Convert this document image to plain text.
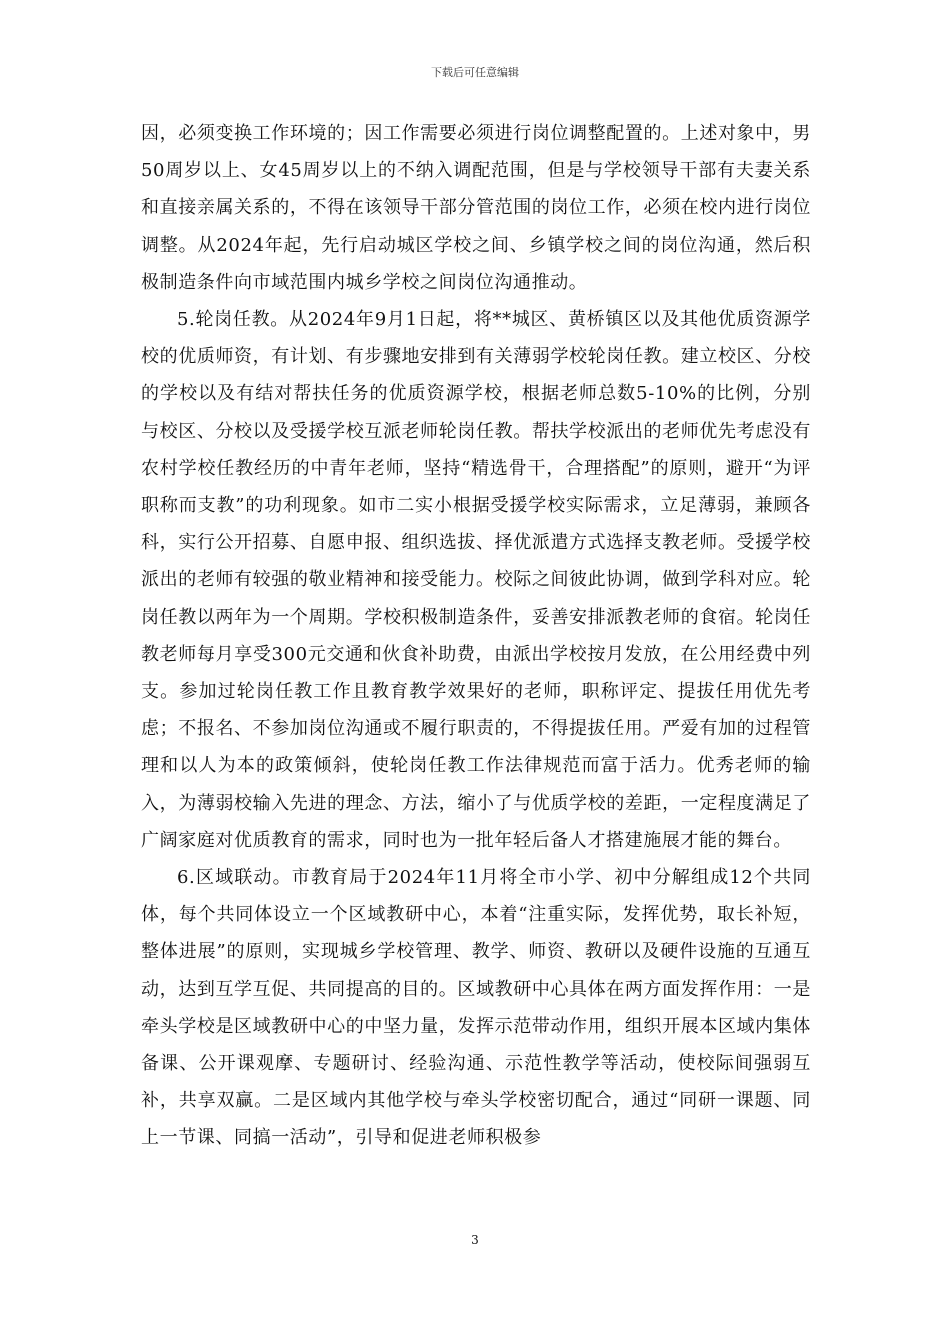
下载后可任意编辑

因，必须变换工作环境的；因工作需要必须进行岗位调整配置的。上述对象中，男50周岁以上、女45周岁以上的不纳入调配范围，但是与学校领导干部有夫妻关系和直接亲属关系的，不得在该领导干部分管范围的岗位工作，必须在校内进行岗位调整。从2024年起，先行启动城区学校之间、乡镇学校之间的岗位沟通，然后积极制造条件向市域范围内城乡学校之间岗位沟通推动。

5.轮岗任教。从2024年9月1日起，将**城区、黄桥镇区以及其他优质资源学校的优质师资，有计划、有步骤地安排到有关薄弱学校轮岗任教。建立校区、分校的学校以及有结对帮扶任务的优质资源学校，根据老师总数5-10%的比例，分别与校区、分校以及受援学校互派老师轮岗任教。帮扶学校派出的老师优先考虑没有农村学校任教经历的中青年老师，坚持“精选骨干，合理搭配”的原则，避开“为评职称而支教”的功利现象。如市二实小根据受援学校实际需求，立足薄弱，兼顾各科，实行公开招募、自愿申报、组织选拔、择优派遣方式选择支教老师。受援学校派出的老师有较强的敬业精神和接受能力。校际之间彼此协调，做到学科对应。轮岗任教以两年为一个周期。学校积极制造条件，妥善安排派教老师的食宿。轮岗任教老师每月享受300元交通和伙食补助费，由派出学校按月发放，在公用经费中列支。参加过轮岗任教工作且教育教学效果好的老师，职称评定、提拔任用优先考虑；不报名、不参加岗位沟通或不履行职责的，不得提拔任用。严爱有加的过程管理和以人为本的政策倾斜，使轮岗任教工作法律规范而富于活力。优秀老师的输入，为薄弱校输入先进的理念、方法，缩小了与优质学校的差距，一定程度满足了广阔家庭对优质教育的需求，同时也为一批年轻后备人才搭建施展才能的舞台。

6.区域联动。市教育局于2024年11月将全市小学、初中分解组成12个共同体，每个共同体设立一个区域教研中心，本着“注重实际，发挥优势，取长补短，整体进展”的原则，实现城乡学校管理、教学、师资、教研以及硬件设施的互通互动，达到互学互促、共同提高的目的。区域教研中心具体在两方面发挥作用：一是牵头学校是区域教研中心的中坚力量，发挥示范带动作用，组织开展本区域内集体备课、公开课观摩、专题研讨、经验沟通、示范性教学等活动，使校际间强弱互补，共享双赢。二是区域内其他学校与牵头学校密切配合，通过“同研一课题、同上一节课、同搞一活动”，引导和促进老师积极参

3
